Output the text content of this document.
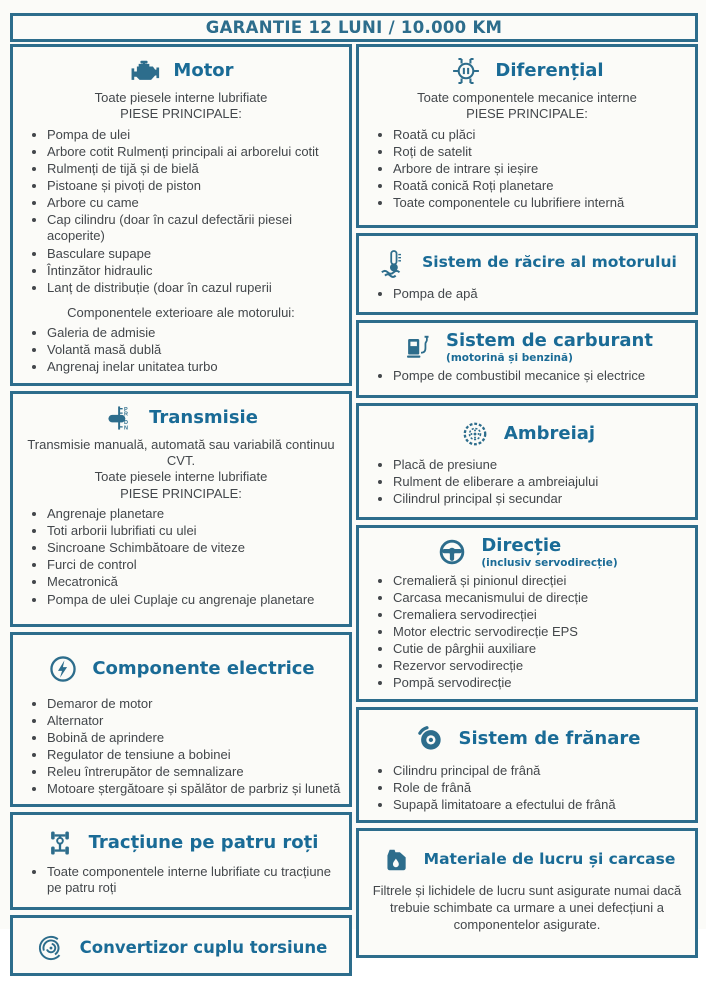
GARANTIE 12 LUNI / 10.000 KM
Motor
Toate piesele interne lubrifiate
PIESE PRINCIPALE:
• Pompa de ulei
• Arbore cotit Rulmenți principali ai arborelui cotit
• Rulmenți de tijă și de bielă
• Pistoane și pivoți de piston
• Arbore cu came
• Cap cilindru (doar în cazul defectării piesei acoperite)
• Basculare supape
• Întinzător hidraulic
• Lanț de distribuție (doar în cazul ruperii
Componentele exterioare ale motorului:
• Galeria de admisie
• Volantă masă dublă
• Angrenaj inelar unitatea turbo
P
R
D
N
Transmisie
Transmisie manuală, automată sau variabilă continuu CVT.
Toate piesele interne lubrifiate
PIESE PRINCIPALE:
• Angrenaje planetare
• Toti arborii lubrifiati cu ulei
• Sincroane Schimbătoare de viteze
• Furci de control
• Mecatronică
• Pompa de ulei Cuplaje cu angrenaje planetare
Componente electrice
• Demaror de motor
• Alternator
• Bobină de aprindere
• Regulator de tensiune a bobinei
• Releu întrerupător de semnalizare
• Motoare ștergătoare și spălător de parbriz și lunetă
Tracțiune pe patru roți
• Toate componentele interne lubrifiate cu tracțiune pe patru roți
Convertizor cuplu torsiune
Diferențial
Toate componentele mecanice interne
PIESE PRINCIPALE:
• Roată cu plăci
• Roți de satelit
• Arbore de intrare și ieșire
• Roată conică Roți planetare
• Toate componentele cu lubrifiere internă
Sistem de răcire al motorului
• Pompa de apă
Sistem de carburant
(motorină și benzină)
• Pompe de combustibil mecanice și electrice
Ambreiaj
• Placă de presiune
• Rulment de eliberare a ambreiajului
• Cilindrul principal și secundar
Direcție
(inclusiv servodirecție)
• Cremalieră și pinionul direcției
• Carcasa mecanismului de direcție
• Cremaliera servodirecției
• Motor electric servodirecție EPS
• Cutie de pârghii auxiliare
• Rezervor servodirecție
• Pompă servodirecție
Sistem de frănare
• Cilindru principal de frână
• Role de frână
• Supapă limitatoare a efectului de frână
Materiale de lucru și carcase

Filtrele și lichidele de lucru sunt asigurate numai dacă trebuie schimbate ca urmare a unei defecțiuni a componentelor asigurate.
